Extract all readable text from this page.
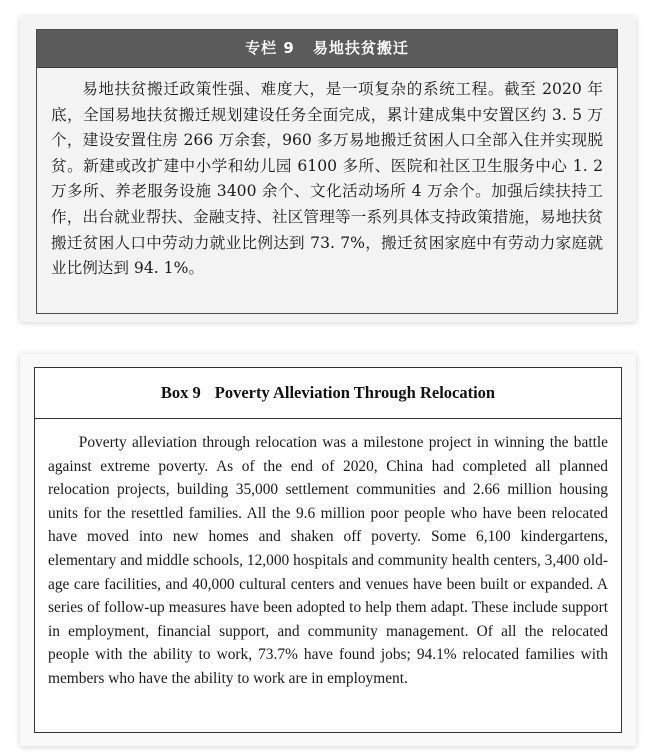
专栏 9 易地扶贫搬迁
易地扶贫搬迁政策性强、难度大，是一项复杂的系统工程。截至 2020 年底，全国易地扶贫搬迁规划建设任务全面完成，累计建成集中安置区约 3. 5 万个，建设安置住房 266 万余套，960 多万易地搬迁贫困人口全部入住并实现脱贫。新建或改扩建中小学和幼儿园 6100 多所、医院和社区卫生服务中心 1. 2 万多所、养老服务设施 3400 余个、文化活动场所 4 万余个。加强后续扶持工作，出台就业帮扶、金融支持、社区管理等一系列具体支持政策措施，易地扶贫搬迁贫困人口中劳动力就业比例达到 73. 7%，搬迁贫困家庭中有劳动力家庭就业比例达到 94. 1%。
Box 9 Poverty Alleviation Through Relocation
Poverty alleviation through relocation was a milestone project in winning the battle against extreme poverty. As of the end of 2020, China had completed all planned relocation projects, building 35,000 settlement communities and 2.66 million housing units for the resettled families. All the 9.6 million poor people who have been relocated have moved into new homes and shaken off poverty. Some 6,100 kindergartens, elementary and middle schools, 12,000 hospitals and community health centers, 3,400 old-age care facilities, and 40,000 cultural centers and venues have been built or expanded. A series of follow-up measures have been adopted to help them adapt. These include support in employment, financial support, and community management. Of all the relocated people with the ability to work, 73.7% have found jobs; 94.1% relocated families with members who have the ability to work are in employment.
